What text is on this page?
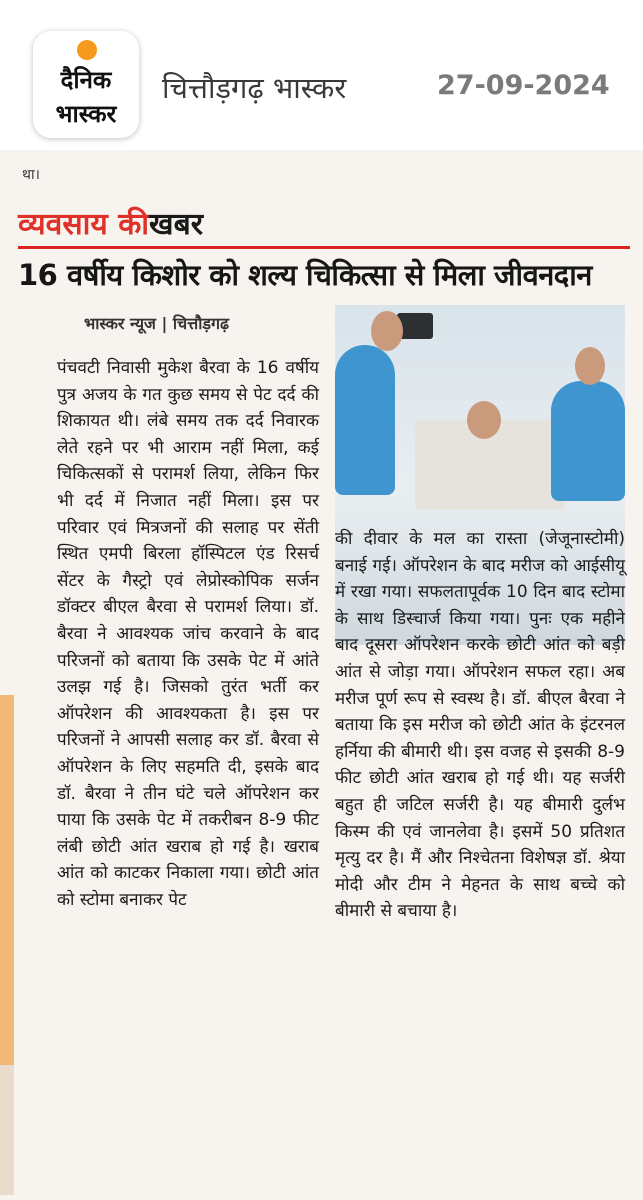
दैनिक
भास्कर
चित्तौड़गढ़ भास्कर	27-09-2024
था।
व्यवसाय कीखबर
16 वर्षीय किशोर को शल्य चिकित्सा से मिला जीवनदान
भास्कर न्यूज | चित्तौड़गढ़

पंचवटी निवासी मुकेश बैरवा के 16 वर्षीय पुत्र अजय के गत कुछ समय से पेट दर्द की शिकायत थी। लंबे समय तक दर्द निवारक लेते रहने पर भी आराम नहीं मिला, कई चिकित्सकों से परामर्श लिया, लेकिन फिर भी दर्द में निजात नहीं मिला। इस पर परिवार एवं मित्रजनों की सलाह पर सेंती स्थित एमपी बिरला हॉस्पिटल एंड रिसर्च सेंटर के गैस्ट्रो एवं लेप्रोस्कोपिक सर्जन डॉक्टर बीएल बैरवा से परामर्श लिया। डॉ. बैरवा ने आवश्यक जांच करवाने के बाद परिजनों को बताया कि उसके पेट में आंते उलझ गई है। जिसको तुरंत भर्ती कर ऑपरेशन की आवश्यकता है। इस पर परिजनों ने आपसी सलाह कर डॉ. बैरवा से ऑपरेशन के लिए सहमति दी, इसके बाद डॉ. बैरवा ने तीन घंटे चले ऑपरेशन कर पाया कि उसके पेट में तकरीबन 8-9 फीट लंबी छोटी आंत खराब हो गई है। खराब आंत को काटकर निकाला गया। छोटी आंत को स्टोमा बनाकर पेट

की दीवार के मल का रास्ता (जेजूनास्टोमी) बनाई गई। ऑपरेशन के बाद मरीज को आईसीयू में रखा गया। सफलतापूर्वक 10 दिन बाद स्टोमा के साथ डिस्चार्ज किया गया। पुनः एक महीने बाद दूसरा ऑपरेशन करके छोटी आंत को बड़ी आंत से जोड़ा गया। ऑपरेशन सफल रहा। अब मरीज पूर्ण रूप से स्वस्थ है। डॉ. बीएल बैरवा ने बताया कि इस मरीज को छोटी आंत के इंटरनल हर्निया की बीमारी थी। इस वजह से इसकी 8-9 फीट छोटी आंत खराब हो गई थी। यह सर्जरी बहुत ही जटिल सर्जरी है। यह बीमारी दुर्लभ किस्म की एवं जानलेवा है। इसमें 50 प्रतिशत मृत्यु दर है। मैं और निश्चेतना विशेषज्ञ डॉ. श्रेया मोदी और टीम ने मेहनत के साथ बच्चे को बीमारी से बचाया है।
